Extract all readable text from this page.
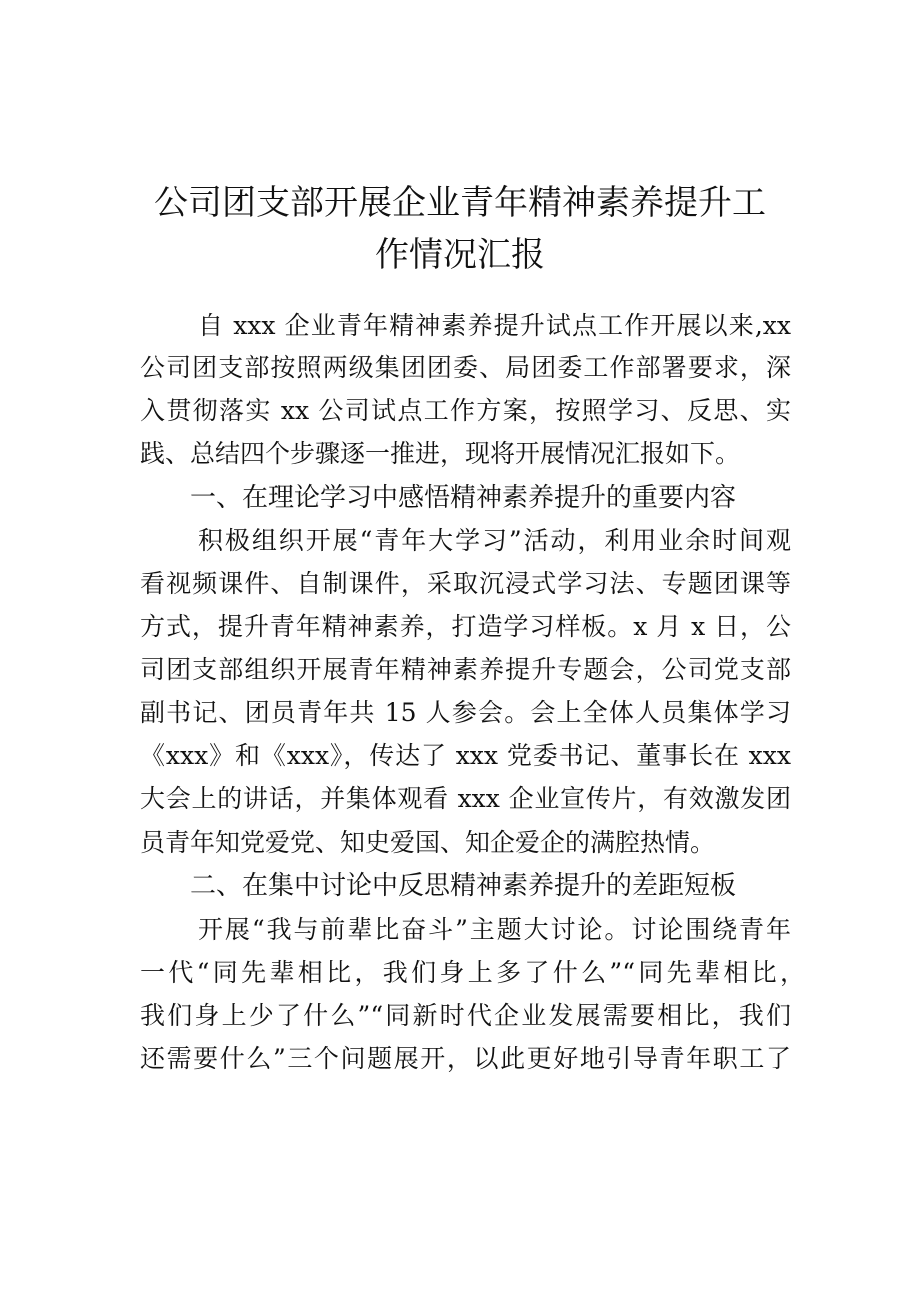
公司团支部开展企业青年精神素养提升工
作情况汇报
自 xxx 企业青年精神素养提升试点工作开展以来,xx
公司团支部按照两级集团团委、局团委工作部署要求，深
入贯彻落实 xx 公司试点工作方案，按照学习、反思、实
践、总结四个步骤逐一推进，现将开展情况汇报如下。
一、在理论学习中感悟精神素养提升的重要内容
积极组织开展“青年大学习”活动，利用业余时间观
看视频课件、自制课件，采取沉浸式学习法、专题团课等
方式，提升青年精神素养，打造学习样板。x 月 x 日，公
司团支部组织开展青年精神素养提升专题会，公司党支部
副书记、团员青年共 15 人参会。会上全体人员集体学习
《xxx》和《xxx》，传达了 xxx 党委书记、董事长在 xxx
大会上的讲话，并集体观看 xxx 企业宣传片，有效激发团
员青年知党爱党、知史爱国、知企爱企的满腔热情。
二、在集中讨论中反思精神素养提升的差距短板
开展“我与前辈比奋斗”主题大讨论。讨论围绕青年
一代“同先辈相比，我们身上多了什么”“同先辈相比，
我们身上少了什么”“同新时代企业发展需要相比，我们
还需要什么”三个问题展开，以此更好地引导青年职工了
